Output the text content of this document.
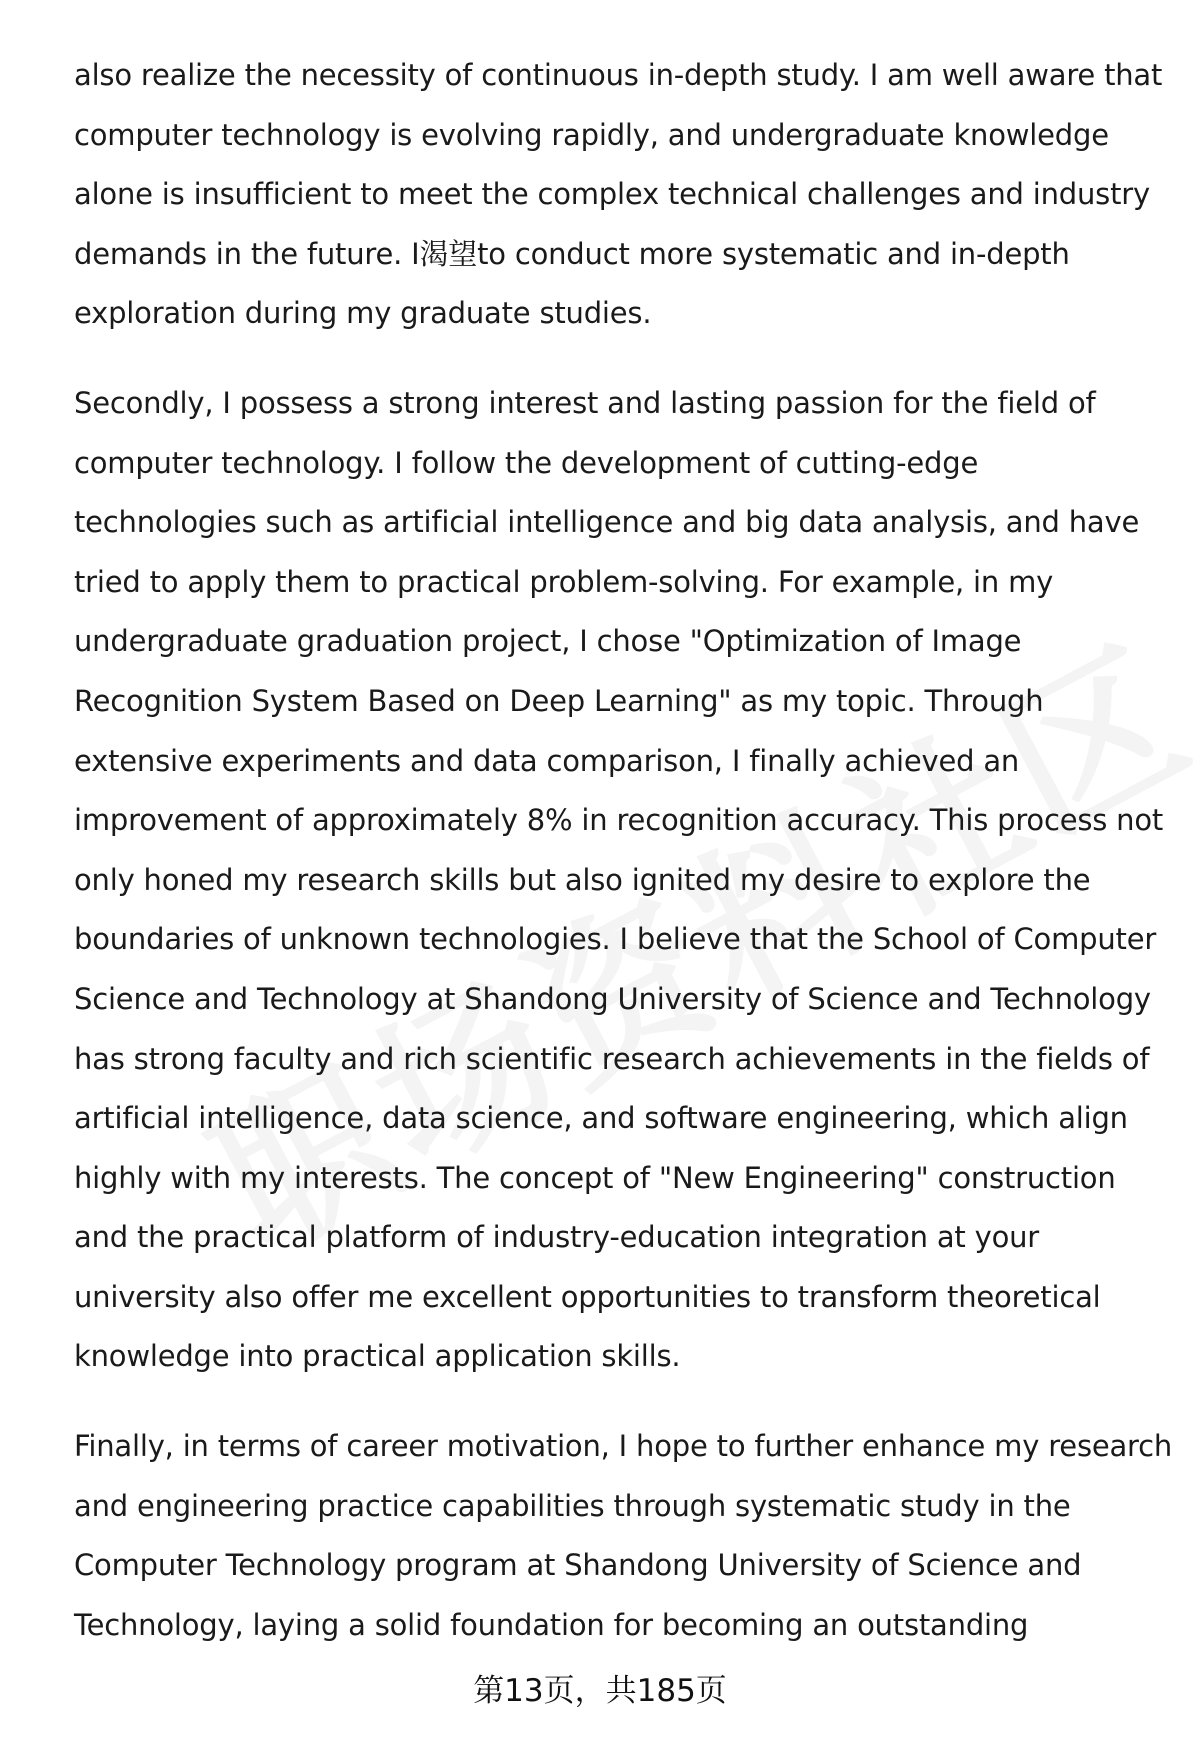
also realize the necessity of continuous in-depth study. I am well aware that
computer technology is evolving rapidly, and undergraduate knowledge
alone is insufficient to meet the complex technical challenges and industry
demands in the future. I渴望to conduct more systematic and in-depth
exploration during my graduate studies.
Secondly, I possess a strong interest and lasting passion for the field of
computer technology. I follow the development of cutting-edge
technologies such as artificial intelligence and big data analysis, and have
tried to apply them to practical problem-solving. For example, in my
undergraduate graduation project, I chose "Optimization of Image
Recognition System Based on Deep Learning" as my topic. Through
extensive experiments and data comparison, I finally achieved an
improvement of approximately 8% in recognition accuracy. This process not
only honed my research skills but also ignited my desire to explore the
boundaries of unknown technologies. I believe that the School of Computer
Science and Technology at Shandong University of Science and Technology
has strong faculty and rich scientific research achievements in the fields of
artificial intelligence, data science, and software engineering, which align
highly with my interests. The concept of "New Engineering" construction
and the practical platform of industry-education integration at your
university also offer me excellent opportunities to transform theoretical
knowledge into practical application skills.
Finally, in terms of career motivation, I hope to further enhance my research
and engineering practice capabilities through systematic study in the
Computer Technology program at Shandong University of Science and
Technology, laying a solid foundation for becoming an outstanding
第13页，共185页
